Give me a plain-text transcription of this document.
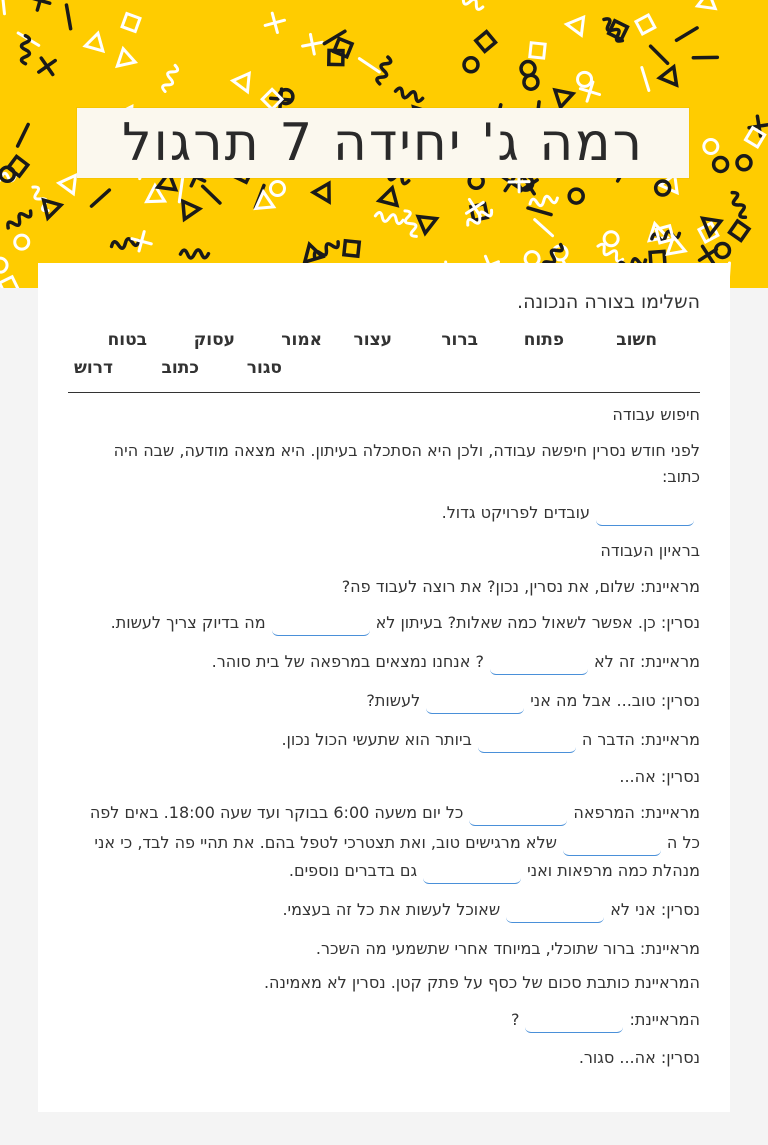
רמה ג' יחידה 7 תרגול
השלימו בצורה הנכונה.
חשוב
פתוח
ברור
עצור
אמור
עסוק
בטוח
סגור
כתוב
דרוש
חיפוש עבודה
לפני חודש נסרין חיפשה עבודה, ולכן היא הסתכלה בעיתון. היא מצאה מודעה, שבה היה
כתוב:
עובדים לפרויקט גדול.
בראיון העבודה
מראיינת: שלום, את נסרין, נכון? את רוצה לעבוד פה?
נסרין: כן. אפשר לשאול כמה שאלות? בעיתון לאמה בדיוק צריך לעשות.
מראיינת: זה לא? אנחנו נמצאים במרפאה של בית סוהר.
נסרין: טוב... אבל מה אנילעשות?
מראיינת: הדבר הביותר הוא שתעשי הכול נכון.
נסרין: אה...
מראיינת: המרפאהכל יום משעה 6:00 בבוקר ועד שעה 18:00. באים לפה
כל השלא מרגישים טוב, ואת תצטרכי לטפל בהם. את תהיי פה לבד, כי אני
מנהלת כמה מרפאות ואניגם בדברים נוספים.
נסרין: אני לאשאוכל לעשות את כל זה בעצמי.
מראיינת: ברור שתוכלי, במיוחד אחרי שתשמעי מה השכר.
המראיינת כותבת סכום של כסף על פתק קטן. נסרין לא מאמינה.
המראיינת:?
נסרין: אה... סגור.
